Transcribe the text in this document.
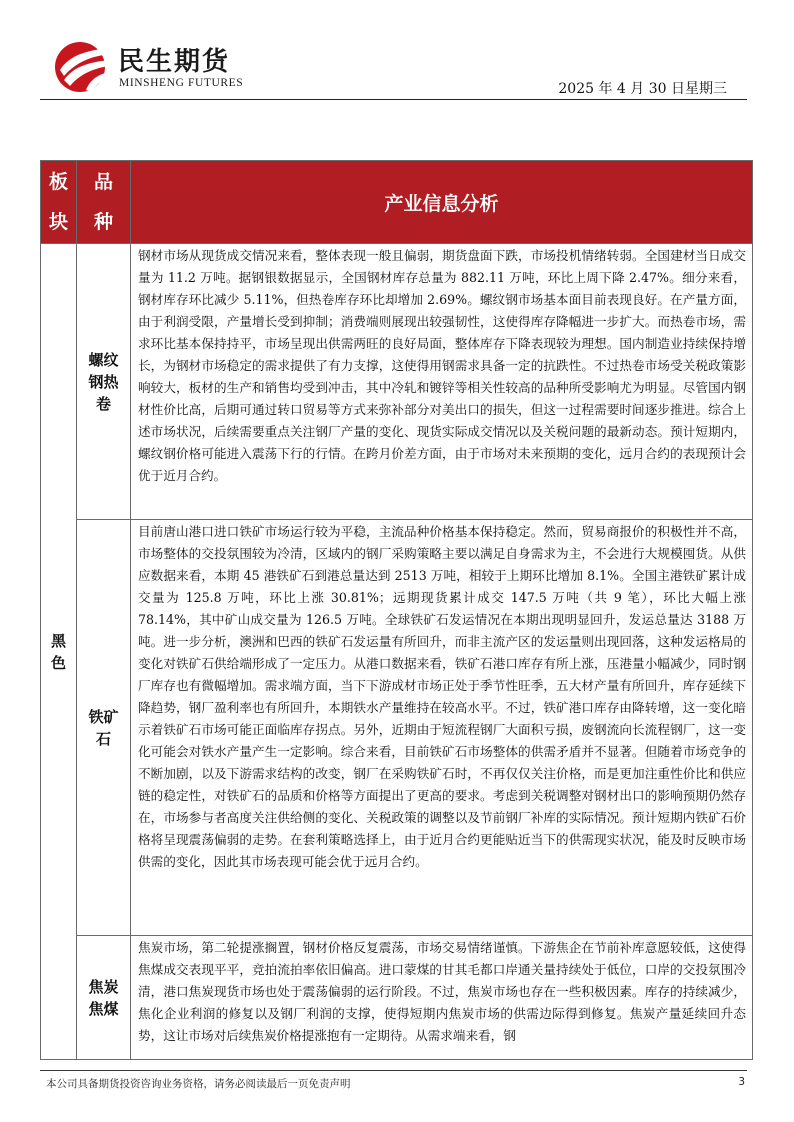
民生期货
MINSHENG FUTURES	2025 年 4 月 30 日星期三
板块	品种	产业信息分析

黑色	螺纹钢热卷	钢材市场从现货成交情况来看，整体表现一般且偏弱，期货盘面下跌，市场投机情绪转弱。全国建材当日成交量为 11.2 万吨。据钢银数据显示，全国钢材库存总量为 882.11 万吨，环比上周下降 2.47%。细分来看，钢材库存环比减少 5.11%，但热卷库存环比却增加 2.69%。螺纹钢市场基本面目前表现良好。在产量方面，由于利润受限，产量增长受到抑制；消费端则展现出较强韧性，这使得库存降幅进一步扩大。而热卷市场，需求环比基本保持持平，市场呈现出供需两旺的良好局面，整体库存下降表现较为理想。国内制造业持续保持增长，为钢材市场稳定的需求提供了有力支撑，这使得用钢需求具备一定的抗跌性。不过热卷市场受关税政策影响较大，板材的生产和销售均受到冲击，其中冷轧和镀锌等相关性较高的品种所受影响尤为明显。尽管国内钢材性价比高，后期可通过转口贸易等方式来弥补部分对美出口的损失，但这一过程需要时间逐步推进。综合上述市场状况，后续需要重点关注钢厂产量的变化、现货实际成交情况以及关税问题的最新动态。预计短期内，螺纹钢价格可能进入震荡下行的行情。在跨月价差方面，由于市场对未来预期的变化，远月合约的表现预计会优于近月合约。

	铁矿石	目前唐山港口进口铁矿市场运行较为平稳，主流品种价格基本保持稳定。然而，贸易商报价的积极性并不高，市场整体的交投氛围较为冷清，区域内的钢厂采购策略主要以满足自身需求为主，不会进行大规模囤货。从供应数据来看，本期 45 港铁矿石到港总量达到 2513 万吨，相较于上期环比增加 8.1%。全国主港铁矿累计成交量为 125.8 万吨，环比上涨 30.81%；远期现货累计成交 147.5 万吨（共 9 笔），环比大幅上涨 78.14%，其中矿山成交量为 126.5 万吨。全球铁矿石发运情况在本期出现明显回升，发运总量达 3188 万吨。进一步分析，澳洲和巴西的铁矿石发运量有所回升，而非主流产区的发运量则出现回落，这种发运格局的变化对铁矿石供给端形成了一定压力。从港口数据来看，铁矿石港口库存有所上涨，压港量小幅减少，同时钢厂库存也有微幅增加。需求端方面，当下下游成材市场正处于季节性旺季，五大材产量有所回升，库存延续下降趋势，钢厂盈利率也有所回升，本期铁水产量维持在较高水平。不过，铁矿港口库存由降转增，这一变化暗示着铁矿石市场可能正面临库存拐点。另外，近期由于短流程钢厂大面积亏损，废钢流向长流程钢厂，这一变化可能会对铁水产量产生一定影响。综合来看，目前铁矿石市场整体的供需矛盾并不显著。但随着市场竞争的不断加剧，以及下游需求结构的改变，钢厂在采购铁矿石时，不再仅仅关注价格，而是更加注重性价比和供应链的稳定性，对铁矿石的品质和价格等方面提出了更高的要求。考虑到关税调整对钢材出口的影响预期仍然存在，市场参与者高度关注供给侧的变化、关税政策的调整以及节前钢厂补库的实际情况。预计短期内铁矿石价格将呈现震荡偏弱的走势。在套利策略选择上，由于近月合约更能贴近当下的供需现实状况，能及时反映市场供需的变化，因此其市场表现可能会优于远月合约。

	焦炭焦煤	焦炭市场，第二轮提涨搁置，钢材价格反复震荡，市场交易情绪谨慎。下游焦企在节前补库意愿较低，这使得焦煤成交表现平平，竞拍流拍率依旧偏高。进口蒙煤的甘其毛都口岸通关量持续处于低位，口岸的交投氛围冷清，港口焦炭现货市场也处于震荡偏弱的运行阶段。不过，焦炭市场也存在一些积极因素。库存的持续减少，焦化企业利润的修复以及钢厂利润的支撑，使得短期内焦炭市场的供需边际得到修复。焦炭产量延续回升态势，这让市场对后续焦炭价格提涨抱有一定期待。从需求端来看，钢

本公司具备期货投资咨询业务资格，请务必阅读最后一页免责声明	3
